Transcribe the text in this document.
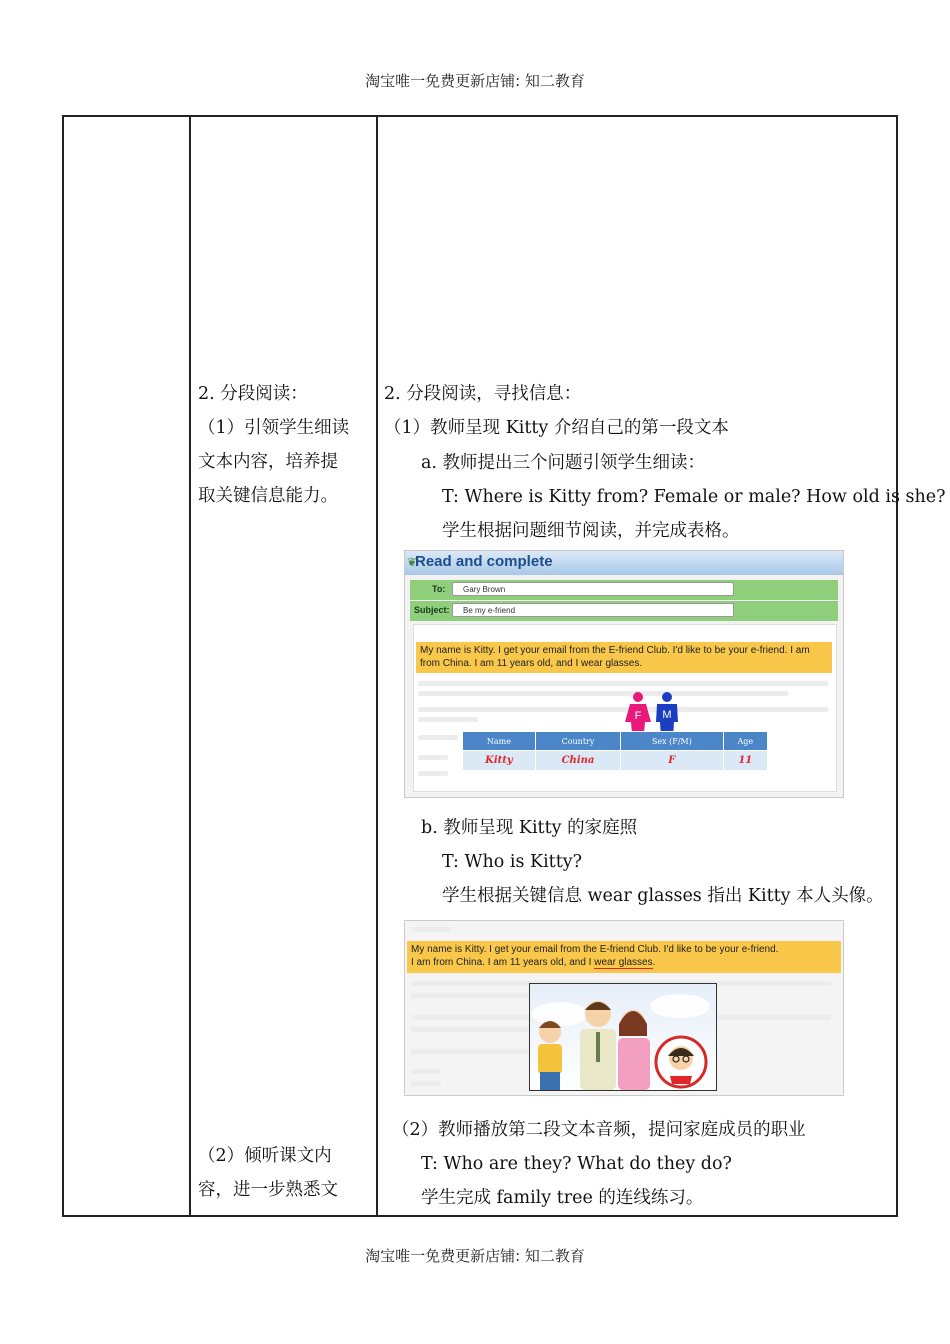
淘宝唯一免费更新店铺: 知二教育
2. 分段阅读：
（1）引领学生细读
文本内容，培养提
取关键信息能力。
（2）倾听课文内
容，进一步熟悉文
2. 分段阅读，寻找信息：
（1）教师呈现 Kitty 介绍自己的第一段文本
a. 教师提出三个问题引领学生细读：
T: Where is Kitty from? Female or male? How old is she?
学生根据问题细节阅读，并完成表格。
❦
Read and complete
To:	Gary Brown
Subject:	Be my e-friend
My name is Kitty. I get your email from the E-friend Club. I'd like to be your e-friend. I am from China. I am 11 years old, and I wear glasses.
F M
Name	Country	Sex (F/M)	Age
Kitty	China	F	11
b. 教师呈现 Kitty 的家庭照
T: Who is Kitty?
学生根据关键信息 wear glasses 指出 Kitty 本人头像。
My name is Kitty. I get your email from the E-friend Club. I'd like to be your e-friend.
I am from China. I am 11 years old, and I wear glasses.
（2）教师播放第二段文本音频，提问家庭成员的职业
T: Who are they? What do they do?
学生完成 family tree 的连线练习。
淘宝唯一免费更新店铺: 知二教育
